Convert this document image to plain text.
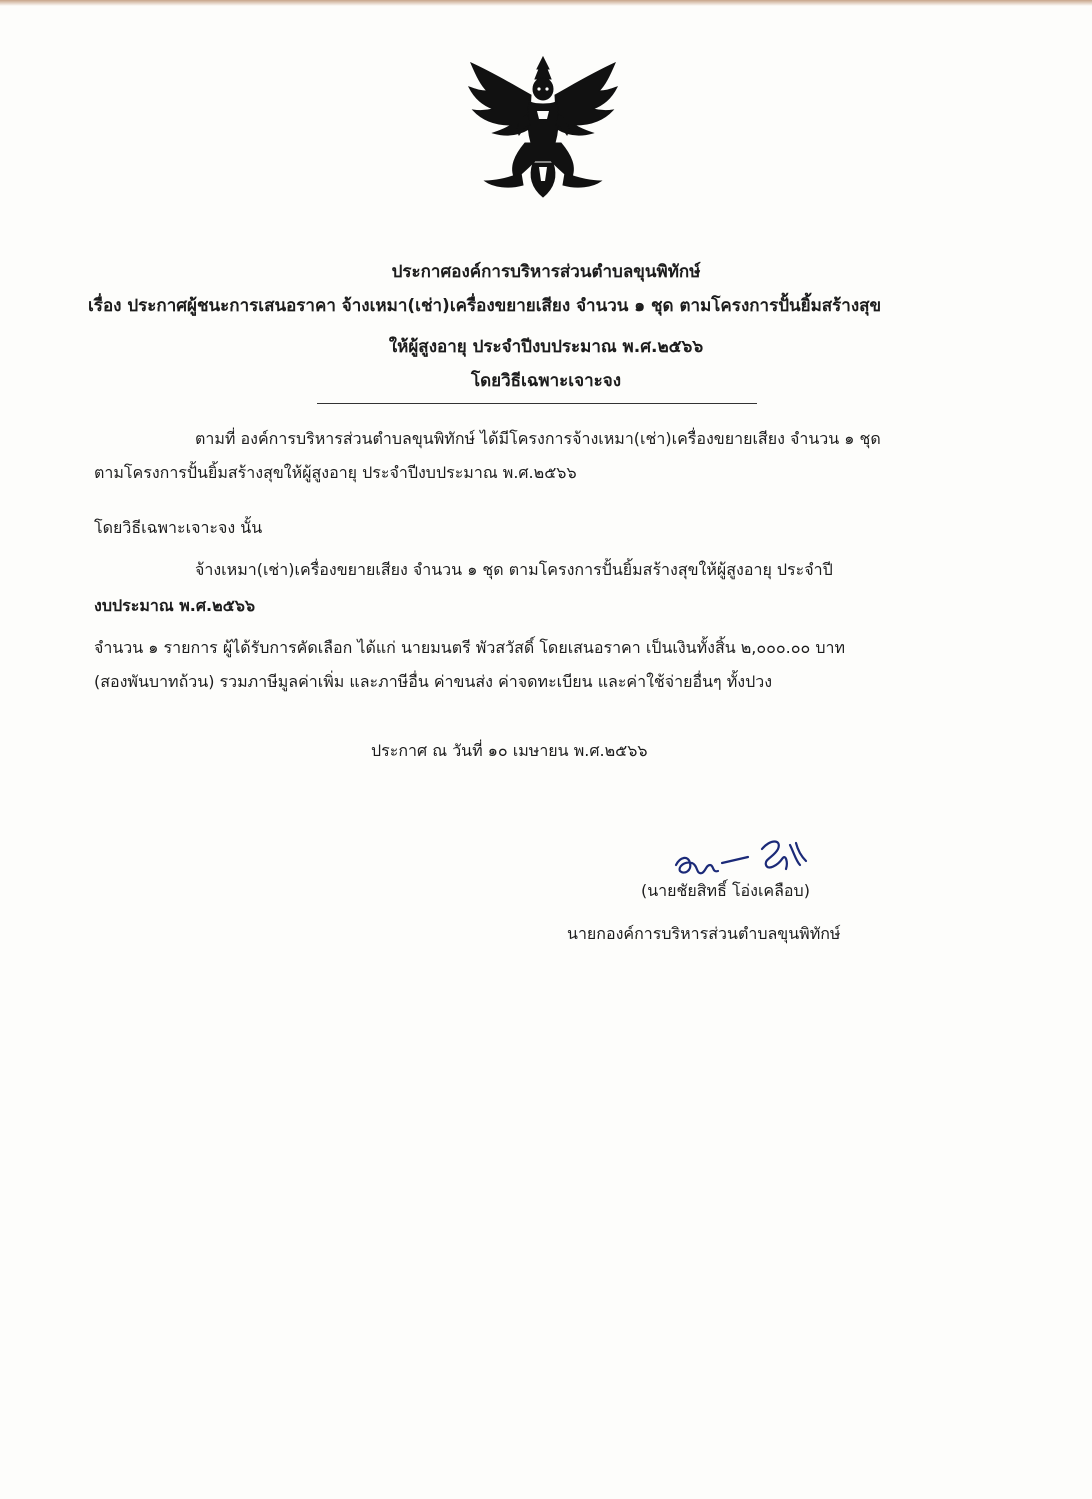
ประกาศองค์การบริหารส่วนตำบลขุนพิทักษ์
เรื่อง ประกาศผู้ชนะการเสนอราคา จ้างเหมา(เช่า)เครื่องขยายเสียง จำนวน ๑ ชุด ตามโครงการปั้นยิ้มสร้างสุข
ให้ผู้สูงอายุ ประจำปีงบประมาณ พ.ศ.๒๕๖๖
โดยวิธีเฉพาะเจาะจง
ตามที่ องค์การบริหารส่วนตำบลขุนพิทักษ์ ได้มีโครงการจ้างเหมา(เช่า)เครื่องขยายเสียง จำนวน ๑ ชุด
ตามโครงการปั้นยิ้มสร้างสุขให้ผู้สูงอายุ ประจำปีงบประมาณ พ.ศ.๒๕๖๖
โดยวิธีเฉพาะเจาะจง นั้น
จ้างเหมา(เช่า)เครื่องขยายเสียง จำนวน ๑ ชุด ตามโครงการปั้นยิ้มสร้างสุขให้ผู้สูงอายุ ประจำปี
งบประมาณ พ.ศ.๒๕๖๖
จำนวน ๑ รายการ ผู้ได้รับการคัดเลือก ได้แก่ นายมนตรี พัวสวัสดิ์ โดยเสนอราคา เป็นเงินทั้งสิ้น ๒,๐๐๐.๐๐ บาท
(สองพันบาทถ้วน) รวมภาษีมูลค่าเพิ่ม และภาษีอื่น ค่าขนส่ง ค่าจดทะเบียน และค่าใช้จ่ายอื่นๆ ทั้งปวง
ประกาศ ณ วันที่ ๑๐ เมษายน พ.ศ.๒๕๖๖
(นายชัยสิทธิ์ โอ่งเคลือบ)
นายกองค์การบริหารส่วนตำบลขุนพิทักษ์
